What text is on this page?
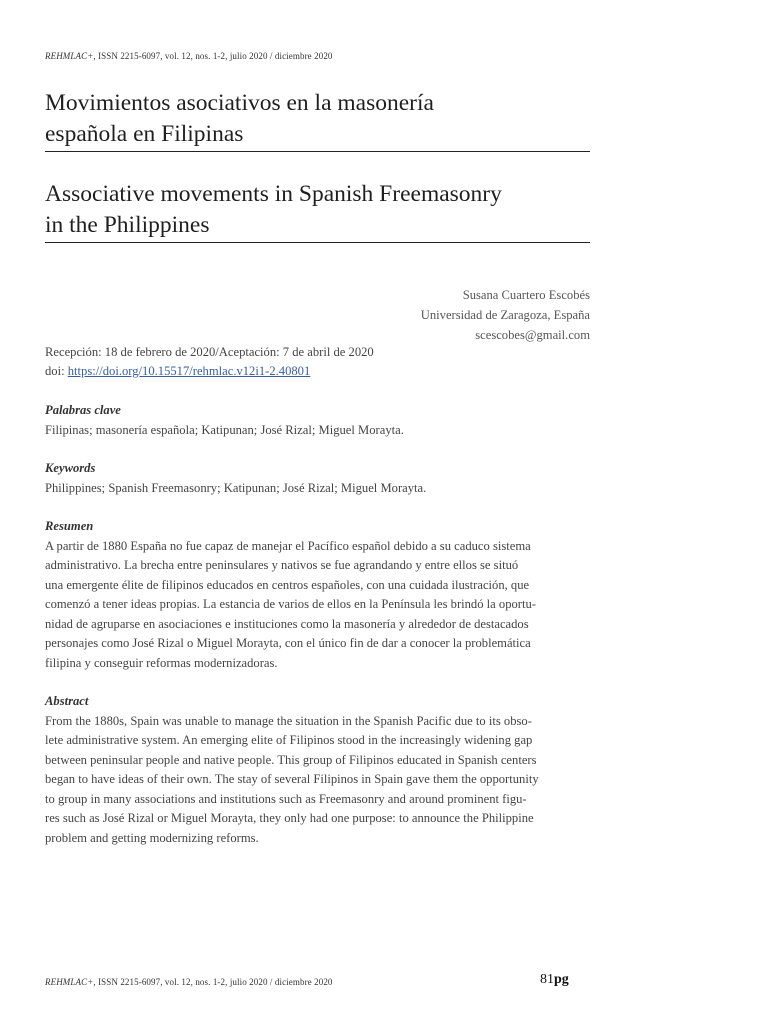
REHMLAC+, ISSN 2215-6097, vol. 12, nos. 1-2, julio 2020 / diciembre 2020
Movimientos asociativos en la masonería
española en Filipinas
Associative movements in Spanish Freemasonry
in the Philippines
Susana Cuartero Escobés
Universidad de Zaragoza, España
scescobes@gmail.com
Recepción: 18 de febrero de 2020/Aceptación: 7 de abril de 2020
doi: https://doi.org/10.15517/rehmlac.v12i1-2.40801
Palabras clave
Filipinas; masonería española; Katipunan; José Rizal; Miguel Morayta.
Keywords
Philippines; Spanish Freemasonry; Katipunan; José Rizal; Miguel Morayta.
Resumen
A partir de 1880 España no fue capaz de manejar el Pacífico español debido a su caduco sistema
administrativo. La brecha entre peninsulares y nativos se fue agrandando y entre ellos se situó
una emergente élite de filipinos educados en centros españoles, con una cuidada ilustración, que
comenzó a tener ideas propias. La estancia de varios de ellos en la Península les brindó la oportu-
nidad de agruparse en asociaciones e instituciones como la masonería y alrededor de destacados
personajes como José Rizal o Miguel Morayta, con el único fin de dar a conocer la problemática
filipina y conseguir reformas modernizadoras.
Abstract
From the 1880s, Spain was unable to manage the situation in the Spanish Pacific due to its obso-
lete administrative system. An emerging elite of Filipinos stood in the increasingly widening gap
between peninsular people and native people. This group of Filipinos educated in Spanish centers
began to have ideas of their own. The stay of several Filipinos in Spain gave them the opportunity
to group in many associations and institutions such as Freemasonry and around prominent figu-
res such as José Rizal or Miguel Morayta, they only had one purpose: to announce the Philippine
problem and getting modernizing reforms.
REHMLAC+, ISSN 2215-6097, vol. 12, nos. 1-2, julio 2020 / diciembre 2020	81pg
